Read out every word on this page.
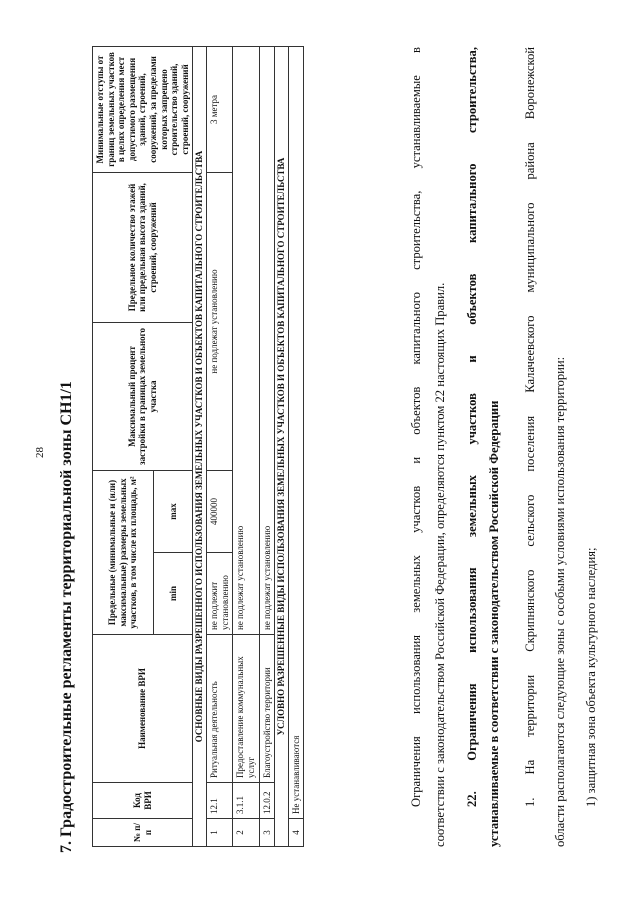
28 7. Градостроительные регламенты территориальной зоны СН1/1	№ п/п	Код ВРИ	Наименование ВРИ	Предельные (минимальные и (или) максимальные) размеры земельных участков, в том числе их площадь, м²		Максимальный процент застройки в границах земельного участка	Предельное количество этажей или предельная высота зданий, строений, сооружений	Минимальные отступы от границ земельных участков в целях определения мест допустимого размещения зданий, строений, сооружений, за пределами которых запрещено строительство зданий, строений, сооружений
			min	max			
ОСНОВНЫЕ ВИДЫ РАЗРЕШЕННОГО ИСПОЛЬЗОВАНИЯ ЗЕМЕЛЬНЫХ УЧАСТКОВ И ОБЪЕКТОВ КАПИТАЛЬНОГО СТРОИТЕЛЬСТВА							
1	12.1	Ритуальная деятельность	не подлежит установлению	400000	не подлежат установлению		3 метра
2	3.1.1	Предоставление коммунальных услуг	не подлежат установлению				
3	12.0.2	Благоустройство территории	не подлежат установлению				
УСЛОВНО РАЗРЕШЕННЫЕ ВИДЫ ИСПОЛЬЗОВАНИЯ ЗЕМЕЛЬНЫХ УЧАСТКОВ И ОБЪЕКТОВ КАПИТАЛЬНОГО СТРОИТЕЛЬСТВА							
4	Не устанавливаются							Ограничения использования земельных участков и объектов капитального строительства, устанавливаемые в соответствии с законодательством Российской Федерации, определяются пунктом 22 настоящих Правил. 22. Ограничения использования земельных участков и объектов капитального строительства, устанавливаемые в соответствии с законодательством Российской Федерации 1. На территории Скрипнянского сельского поселения Калачеевского муниципального района Воронежской области располагаются следующие зоны с особыми условиями использования территории: 1) защитная зона объекта культурного наследия;
